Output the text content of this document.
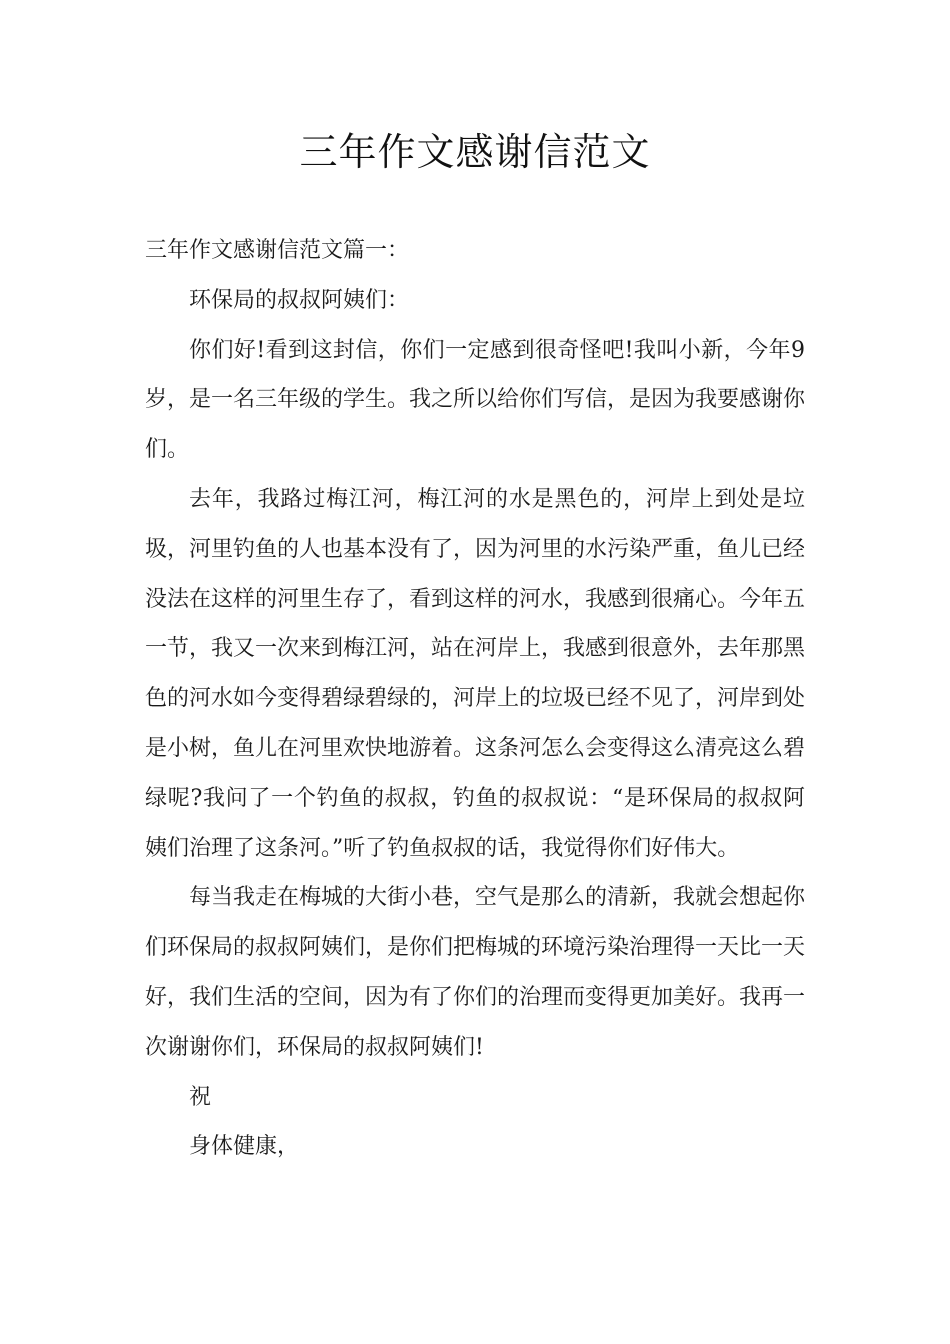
三年作文感谢信范文

三年作文感谢信范文篇一：

环保局的叔叔阿姨们：

你们好!看到这封信，你们一定感到很奇怪吧!我叫小新，今年9岁，是一名三年级的学生。我之所以给你们写信，是因为我要感谢你们。

去年，我路过梅江河，梅江河的水是黑色的，河岸上到处是垃圾，河里钓鱼的人也基本没有了，因为河里的水污染严重，鱼儿已经没法在这样的河里生存了，看到这样的河水，我感到很痛心。今年五一节，我又一次来到梅江河，站在河岸上，我感到很意外，去年那黑色的河水如今变得碧绿碧绿的，河岸上的垃圾已经不见了，河岸到处是小树，鱼儿在河里欢快地游着。这条河怎么会变得这么清亮这么碧绿呢?我问了一个钓鱼的叔叔，钓鱼的叔叔说：“是环保局的叔叔阿姨们治理了这条河。”听了钓鱼叔叔的话，我觉得你们好伟大。

每当我走在梅城的大街小巷，空气是那么的清新，我就会想起你们环保局的叔叔阿姨们，是你们把梅城的环境污染治理得一天比一天好，我们生活的空间，因为有了你们的治理而变得更加美好。我再一次谢谢你们，环保局的叔叔阿姨们!

祝

身体健康，
